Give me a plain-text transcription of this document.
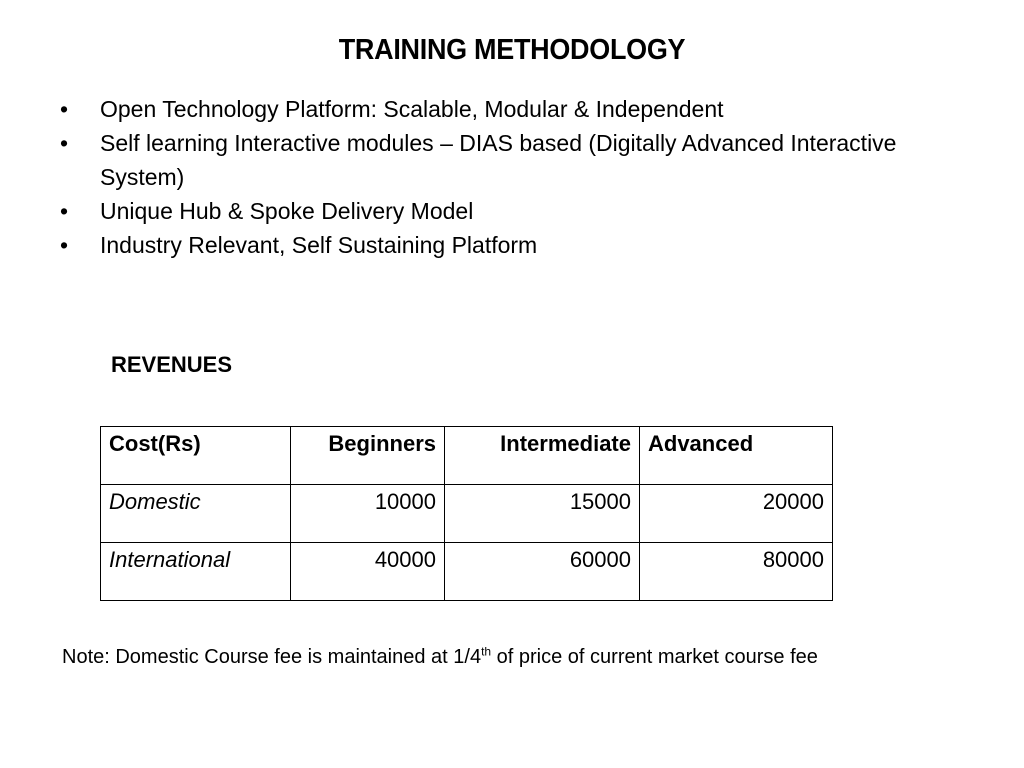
TRAINING METHODOLOGY
• Open Technology Platform: Scalable, Modular & Independent
• Self learning Interactive modules – DIAS based (Digitally Advanced Interactive System)
• Unique Hub & Spoke Delivery Model
• Industry Relevant, Self Sustaining Platform
REVENUES
Cost(Rs)	Beginners	Intermediate	Advanced
Domestic	10000	15000	20000
International	40000	60000	80000
Note: Domestic Course fee is maintained at 1/4th of price of current market course fee
